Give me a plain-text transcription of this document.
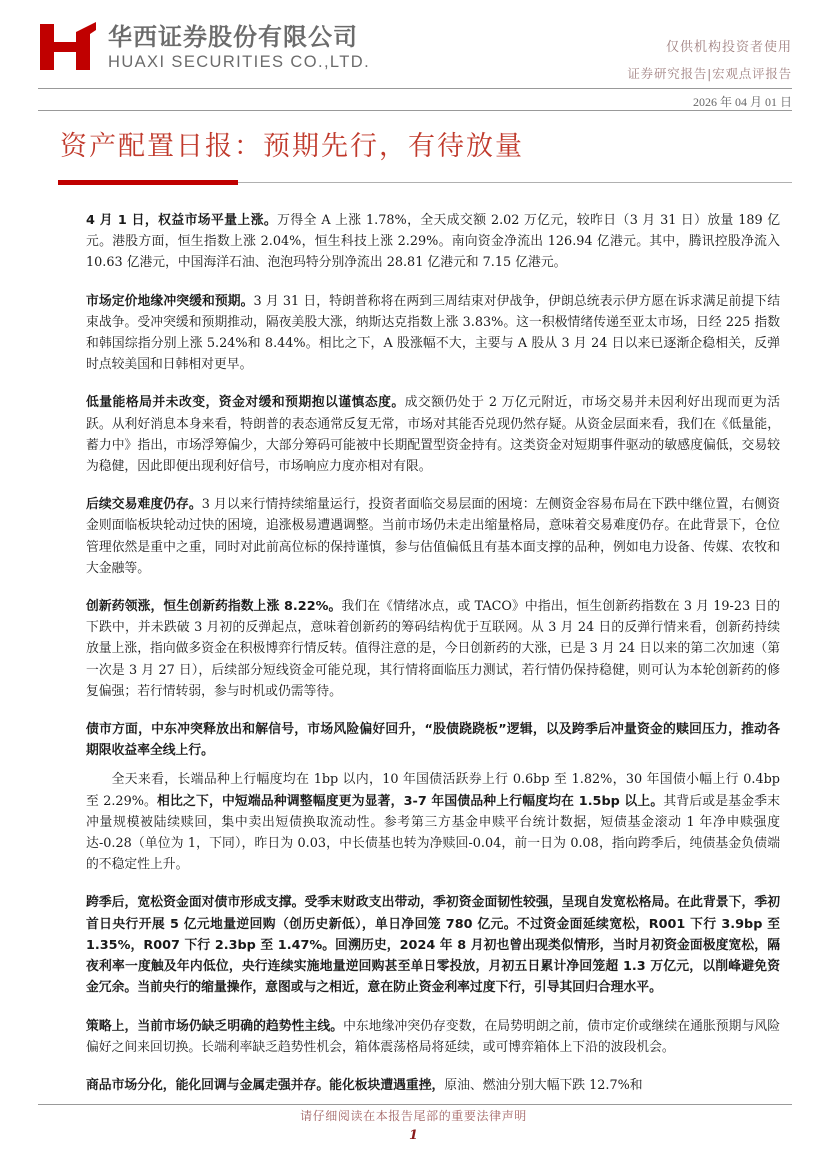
华西证券股份有限公司
HUAXI SECURITIES CO.,LTD.
仅供机构投资者使用
证券研究报告|宏观点评报告
2026 年 04 月 01 日
资产配置日报：预期先行，有待放量

4 月 1 日，权益市场平量上涨。万得全 A 上涨 1.78%，全天成交额 2.02 万亿元，较昨日（3 月 31 日）放量 189 亿元。港股方面，恒生指数上涨 2.04%，恒生科技上涨 2.29%。南向资金净流出 126.94 亿港元。其中，腾讯控股净流入 10.63 亿港元，中国海洋石油、泡泡玛特分别净流出 28.81 亿港元和 7.15 亿港元。

市场定价地缘冲突缓和预期。3 月 31 日，特朗普称将在两到三周结束对伊战争，伊朗总统表示伊方愿在诉求满足前提下结束战争。受冲突缓和预期推动，隔夜美股大涨，纳斯达克指数上涨 3.83%。这一积极情绪传递至亚太市场，日经 225 指数和韩国综指分别上涨 5.24%和 8.44%。相比之下，A 股涨幅不大，主要与 A 股从 3 月 24 日以来已逐渐企稳相关，反弹时点较美国和日韩相对更早。

低量能格局并未改变，资金对缓和预期抱以谨慎态度。成交额仍处于 2 万亿元附近，市场交易并未因利好出现而更为活跃。从利好消息本身来看，特朗普的表态通常反复无常，市场对其能否兑现仍然存疑。从资金层面来看，我们在《低量能，蓄力中》指出，市场浮筹偏少，大部分筹码可能被中长期配置型资金持有。这类资金对短期事件驱动的敏感度偏低，交易较为稳健，因此即便出现利好信号，市场响应力度亦相对有限。

后续交易难度仍存。3 月以来行情持续缩量运行，投资者面临交易层面的困境：左侧资金容易布局在下跌中继位置，右侧资金则面临板块轮动过快的困境，追涨极易遭遇调整。当前市场仍未走出缩量格局，意味着交易难度仍存。在此背景下，仓位管理依然是重中之重，同时对此前高位标的保持谨慎，参与估值偏低且有基本面支撑的品种，例如电力设备、传媒、农牧和大金融等。

创新药领涨，恒生创新药指数上涨 8.22%。我们在《情绪冰点，或 TACO》中指出，恒生创新药指数在 3 月 19-23 日的下跌中，并未跌破 3 月初的反弹起点，意味着创新药的筹码结构优于互联网。从 3 月 24 日的反弹行情来看，创新药持续放量上涨，指向做多资金在积极博弈行情反转。值得注意的是，今日创新药的大涨，已是 3 月 24 日以来的第二次加速（第一次是 3 月 27 日），后续部分短线资金可能兑现，其行情将面临压力测试，若行情仍保持稳健，则可认为本轮创新药的修复偏强；若行情转弱，参与时机或仍需等待。

债市方面，中东冲突释放出和解信号，市场风险偏好回升，“股债跷跷板”逻辑，以及跨季后冲量资金的赎回压力，推动各期限收益率全线上行。

全天来看，长端品种上行幅度均在 1bp 以内，10 年国债活跃券上行 0.6bp 至 1.82%，30 年国债小幅上行 0.4bp 至 2.29%。相比之下，中短端品种调整幅度更为显著，3-7 年国债品种上行幅度均在 1.5bp 以上。其背后或是基金季末冲量规模被陆续赎回，集中卖出短债换取流动性。参考第三方基金申赎平台统计数据，短债基金滚动 1 年净申赎强度达-0.28（单位为 1，下同），昨日为 0.03，中长债基也转为净赎回-0.04，前一日为 0.08，指向跨季后，纯债基金负债端的不稳定性上升。

跨季后，宽松资金面对债市形成支撑。受季末财政支出带动，季初资金面韧性较强，呈现自发宽松格局。在此背景下，季初首日央行开展 5 亿元地量逆回购（创历史新低），单日净回笼 780 亿元。不过资金面延续宽松，R001 下行 3.9bp 至 1.35%，R007 下行 2.3bp 至 1.47%。回溯历史，2024 年 8 月初也曾出现类似情形，当时月初资金面极度宽松，隔夜利率一度触及年内低位，央行连续实施地量逆回购甚至单日零投放，月初五日累计净回笼超 1.3 万亿元，以削峰避免资金冗余。当前央行的缩量操作，意图或与之相近，意在防止资金利率过度下行，引导其回归合理水平。

策略上，当前市场仍缺乏明确的趋势性主线。中东地缘冲突仍存变数，在局势明朗之前，债市定价或继续在通胀预期与风险偏好之间来回切换。长端利率缺乏趋势性机会，箱体震荡格局将延续，或可博弈箱体上下沿的波段机会。

商品市场分化，能化回调与金属走强并存。能化板块遭遇重挫，原油、燃油分别大幅下跌 12.7%和

请仔细阅读在本报告尾部的重要法律声明
1
